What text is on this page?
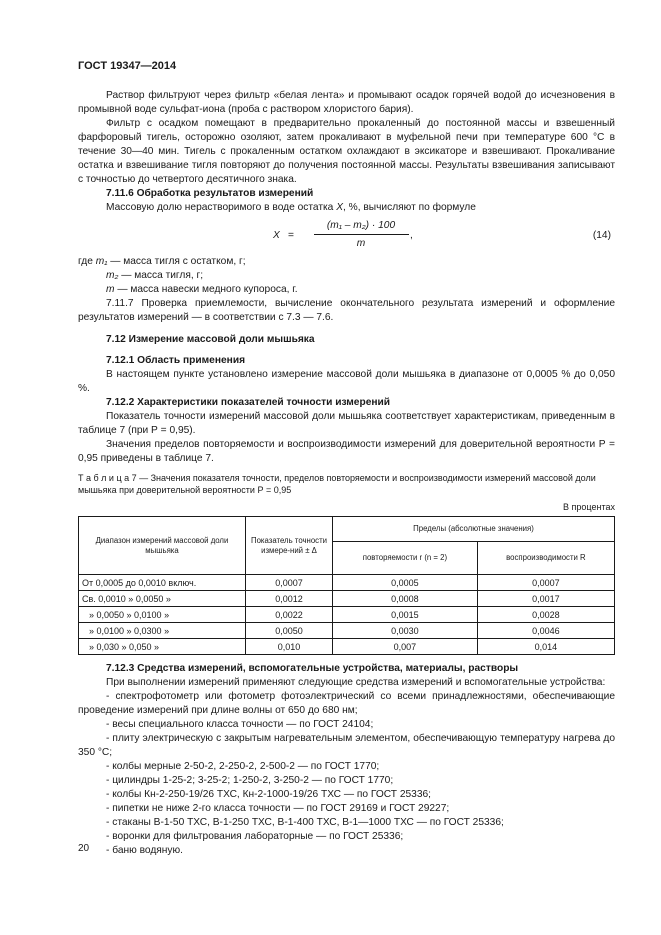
ГОСТ 19347—2014

Раствор фильтруют через фильтр «белая лента» и промывают осадок горячей водой до исчезновения в промывной воде сульфат-иона (проба с раствором хлористого бария).

Фильтр с осадком помещают в предварительно прокаленный до постоянной массы и взвешенный фарфоровый тигель, осторожно озоляют, затем прокаливают в муфельной печи при температуре 600 °С в течение 30—40 мин. Тигель с прокаленным остатком охлаждают в эксикаторе и взвешивают. Прокаливание остатка и взвешивание тигля повторяют до получения постоянной массы. Результаты взвешивания записывают с точностью до четвертого десятичного знака.

7.11.6 Обработка результатов измерений

Массовую долю нерастворимого в воде остатка X, %, вычисляют по формуле

X =
(m₁ – m₂) · 100
m
,	(14)

где m₁ — масса тигля с остатком, г;

m₂ — масса тигля, г;

m — масса навески медного купороса, г.

7.11.7 Проверка приемлемости, вычисление окончательного результата измерений и оформление результатов измерений — в соответствии с 7.3 — 7.6.

7.12 Измерение массовой доли мышьяка

7.12.1 Область применения

В настоящем пункте установлено измерение массовой доли мышьяка в диапазоне от 0,0005 % до 0,050 %.

7.12.2 Характеристики показателей точности измерений

Показатель точности измерений массовой доли мышьяка соответствует характеристикам, приведенным в таблице 7 (при Р = 0,95).

Значения пределов повторяемости и воспроизводимости измерений для доверительной вероятности Р = 0,95 приведены в таблице 7.

Т а б л и ц а 7 — Значения показателя точности, пределов повторяемости и воспроизводимости измерений массовой доли мышьяка при доверительной вероятности Р = 0,95

В процентах

Диапазон измерений массовой доли мышьяка	Показатель точности измере-ний ± Δ	Пределы (абсолютные значения)	
		повторяемости r (n = 2)	воспроизводимости R
От 0,0005 до 0,0010 включ.	0,0007	0,0005	0,0007
Св. 0,0010 » 0,0050 »	0,0012	0,0008	0,0017
» 0,0050 » 0,0100 »	0,0022	0,0015	0,0028
» 0,0100 » 0,0300 »	0,0050	0,0030	0,0046
» 0,030 » 0,050 »	0,010	0,007	0,014

7.12.3 Средства измерений, вспомогательные устройства, материалы, растворы

При выполнении измерений применяют следующие средства измерений и вспомогательные устройства:

- спектрофотометр или фотометр фотоэлектрический со всеми принадлежностями, обеспечивающие проведение измерений при длине волны от 650 до 680 нм;

- весы специального класса точности — по ГОСТ 24104;

- плиту электрическую с закрытым нагревательным элементом, обеспечивающую температуру нагрева до 350 °С;

- колбы мерные 2-50-2, 2-250-2, 2-500-2 — по ГОСТ 1770;

- цилиндры 1-25-2; 3-25-2; 1-250-2, 3-250-2 — по ГОСТ 1770;

- колбы Кн-2-250-19/26 ТХС, Кн-2-1000-19/26 ТХС — по ГОСТ 25336;

- пипетки не ниже 2-го класса точности — по ГОСТ 29169 и ГОСТ 29227;

- стаканы В-1-50 ТХС, В-1-250 ТХС, В-1-400 ТХС, В-1—1000 ТХС — по ГОСТ 25336;

- воронки для фильтрования лабораторные — по ГОСТ 25336;

- баню водяную.

20
